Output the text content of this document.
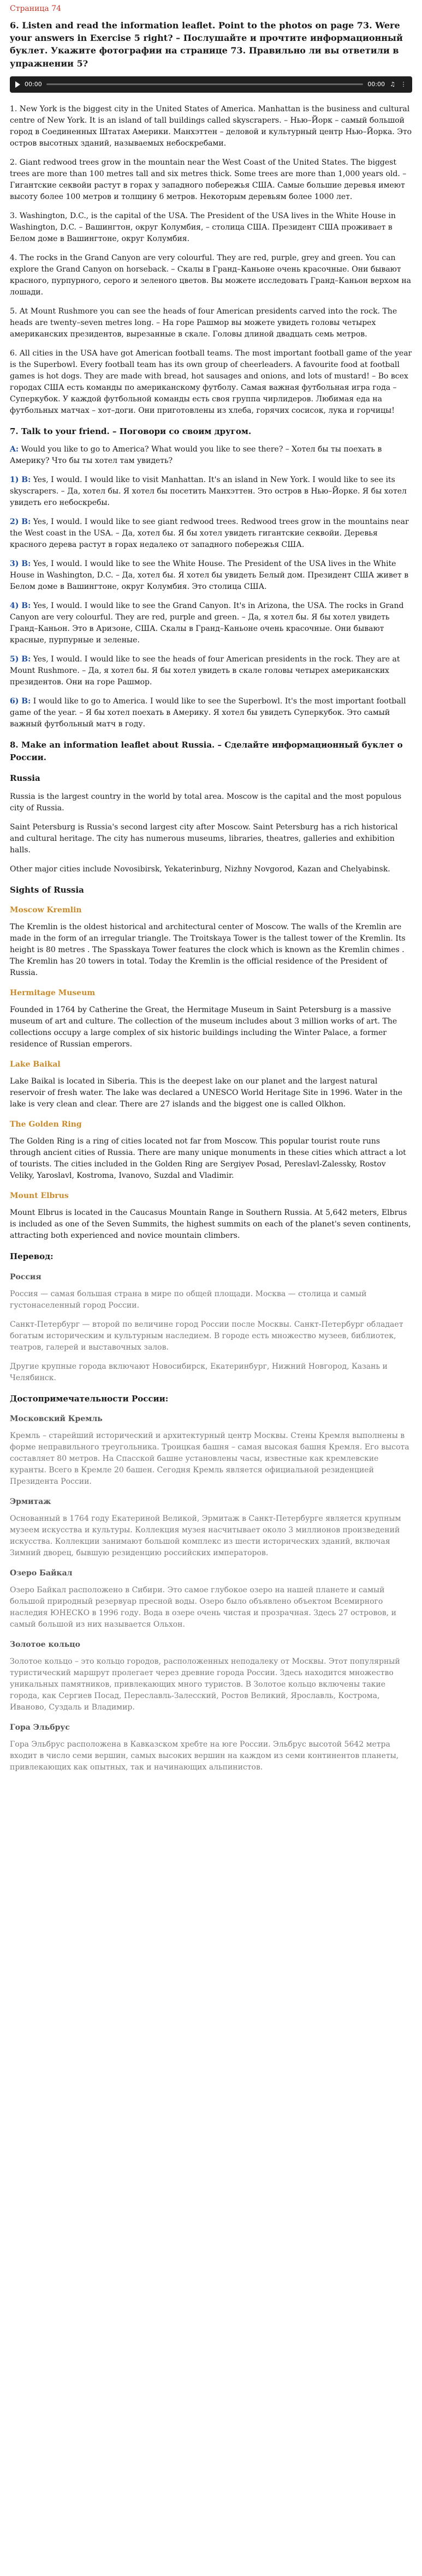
Страница 74
6. Listen and read the information leaflet. Point to the photos on page 73. Were your answers in Exercise 5 right? – Послушайте и прочтите информационный буклет. Укажите фотографии на странице 73. Правильно ли вы ответили в упражнении 5?
00:00	00:00 ♫ ⋮

1. New York is the biggest city in the United States of America. Manhattan is the business and cultural centre of New York. It is an island of tall buildings called skyscrapers. – Нью–Йорк – самый большой город в Соединенных Штатах Америки. Манхэттен – деловой и культурный центр Нью–Йорка. Это остров высотных зданий, называемых небоскребами.

2. Giant redwood trees grow in the mountain near the West Coast of the United States. The biggest trees are more than 100 metres tall and six metres thick. Some trees are more than 1,000 years old. – Гигантские секвойи растут в горах у западного побережья США. Самые большие деревья имеют высоту более 100 метров и толщину 6 метров. Некоторым деревьям более 1000 лет.

3. Washington, D.C., is the capital of the USA. The President of the USA lives in the White House in Washington, D.C. – Вашингтон, округ Колумбия, – столица США. Президент США проживает в Белом доме в Вашингтоне, округ Колумбия.

4. The rocks in the Grand Canyon are very colourful. They are red, purple, grey and green. You can explore the Grand Canyon on horseback. – Скалы в Гранд–Каньоне очень красочные. Они бывают красного, пурпурного, серого и зеленого цветов. Вы можете исследовать Гранд–Каньон верхом на лошади.

5. At Mount Rushmore you can see the heads of four American presidents carved into the rock. The heads are twenty–seven metres long. – На горе Рашмор вы можете увидеть головы четырех американских президентов, вырезанные в скале. Головы длиной двадцать семь метров.

6. All cities in the USA have got American football teams. The most important football game of the year is the Superbowl. Every football team has its own group of cheerleaders. A favourite food at football games is hot dogs. They are made with bread, hot sausages and onions, and lots of mustard! – Во всех городах США есть команды по американскому футболу. Самая важная футбольная игра года – Суперкубок. У каждой футбольной команды есть своя группа чирлидеров. Любимая еда на футбольных матчах – хот–доги. Они приготовлены из хлеба, горячих сосисок, лука и горчицы!

7. Talk to your friend. – Поговори со своим другом.

A: Would you like to go to America? What would you like to see there? – Хотел бы ты поехать в Америку? Что бы ты хотел там увидеть?

1) B: Yes, I would. I would like to visit Manhattan. It's an island in New York. I would like to see its skyscrapers. – Да, хотел бы. Я хотел бы посетить Манхэттен. Это остров в Нью–Йорке. Я бы хотел увидеть его небоскребы.

2) B: Yes, I would. I would like to see giant redwood trees. Redwood trees grow in the mountains near the West coast in the USA. – Да, хотел бы. Я бы хотел увидеть гигантские секвойи. Деревья красного дерева растут в горах недалеко от западного побережья США.

3) B: Yes, I would. I would like to see the White House. The President of the USA lives in the White House in Washington, D.C. – Да, хотел бы. Я хотел бы увидеть Белый дом. Президент США живет в Белом доме в Вашингтоне, округ Колумбия. Это столица США.

4) B: Yes, I would. I would like to see the Grand Canyon. It's in Arizona, the USA. The rocks in Grand Canyon are very colourful. They are red, purple and green. – Да, я хотел бы. Я бы хотел увидеть Гранд–Каньон. Это в Аризоне, США. Скалы в Гранд–Каньоне очень красочные. Они бывают красные, пурпурные и зеленые.

5) B: Yes, I would. I would like to see the heads of four American presidents in the rock. They are at Mount Rushmore. – Да, я хотел бы. Я бы хотел увидеть в скале головы четырех американских президентов. Они на горе Рашмор.

6) B: I would like to go to America. I would like to see the Superbowl. It's the most important football game of the year. – Я бы хотел поехать в Америку. Я хотел бы увидеть Суперкубок. Это самый важный футбольный матч в году.

8. Make an information leaflet about Russia. – Сделайте информационный буклет о России.
Russia

Russia is the largest country in the world by total area. Moscow is the capital and the most populous city of Russia.

Saint Petersburg is Russia's second largest city after Moscow. Saint Petersburg has a rich historical and cultural heritage. The city has numerous museums, libraries, theatres, galleries and exhibition halls.

Other major cities include Novosibirsk, Yekaterinburg, Nizhny Novgorod, Kazan and Chelyabinsk.

Sights of Russia
Moscow Kremlin

The Kremlin is the oldest historical and architectural center of Moscow. The walls of the Kremlin are made in the form of an irregular triangle. The Troitskaya Tower is the tallest tower of the Kremlin. Its height is 80 metres . The Spasskaya Tower features the clock which is known as the Kremlin chimes . The Kremlin has 20 towers in total. Today the Kremlin is the official residence of the President of Russia.

Hermitage Museum

Founded in 1764 by Catherine the Great, the Hermitage Museum in Saint Petersburg is a massive museum of art and culture. The collection of the museum includes about 3 million works of art. The collections occupy a large complex of six historic buildings including the Winter Palace, a former residence of Russian emperors.

Lake Baikal

Lake Baikal is located in Siberia. This is the deepest lake on our planet and the largest natural reservoir of fresh water. The lake was declared a UNESCO World Heritage Site in 1996. Water in the lake is very clean and clear. There are 27 islands and the biggest one is called Olkhon.

The Golden Ring

The Golden Ring is a ring of cities located not far from Moscow. This popular tourist route runs through ancient cities of Russia. There are many unique monuments in these cities which attract a lot of tourists. The cities included in the Golden Ring are Sergiyev Posad, Pereslavl-Zalessky, Rostov Veliky, Yaroslavl, Kostroma, Ivanovo, Suzdal and Vladimir.

Mount Elbrus

Mount Elbrus is located in the Caucasus Mountain Range in Southern Russia. At 5,642 meters, Elbrus is included as one of the Seven Summits, the highest summits on each of the planet's seven continents, attracting both experienced and novice mountain climbers.

Перевод:
Россия

Россия — самая большая страна в мире по общей площади. Москва — столица и самый густонаселенный город России.

Санкт-Петербург — второй по величине город России после Москвы. Санкт-Петербург обладает богатым историческим и культурным наследием. В городе есть множество музеев, библиотек, театров, галерей и выставочных залов.

Другие крупные города включают Новосибирск, Екатеринбург, Нижний Новгород, Казань и Челябинск.

Достопримечательности России:
Московский Кремль

Кремль – старейший исторический и архитектурный центр Москвы. Стены Кремля выполнены в форме неправильного треугольника. Троицкая башня – самая высокая башня Кремля. Его высота составляет 80 метров. На Спасской башне установлены часы, известные как кремлевские куранты. Всего в Кремле 20 башен. Сегодня Кремль является официальной резиденцией Президента России.

Эрмитаж

Основанный в 1764 году Екатериной Великой, Эрмитаж в Санкт-Петербурге является крупным музеем искусства и культуры. Коллекция музея насчитывает около 3 миллионов произведений искусства. Коллекции занимают большой комплекс из шести исторических зданий, включая Зимний дворец, бывшую резиденцию российских императоров.

Озеро Байкал

Озеро Байкал расположено в Сибири. Это самое глубокое озеро на нашей планете и самый большой природный резервуар пресной воды. Озеро было объявлено объектом Всемирного наследия ЮНЕСКО в 1996 году. Вода в озере очень чистая и прозрачная. Здесь 27 островов, и самый большой из них называется Ольхон.

Золотое кольцо

Золотое кольцо – это кольцо городов, расположенных неподалеку от Москвы. Этот популярный туристический маршрут пролегает через древние города России. Здесь находится множество уникальных памятников, привлекающих много туристов. В Золотое кольцо включены такие города, как Сергиев Посад, Переславль-Залесский, Ростов Великий, Ярославль, Кострома, Иваново, Суздаль и Владимир.

Гора Эльбрус

Гора Эльбрус расположена в Кавказском хребте на юге России. Эльбрус высотой 5642 метра входит в число семи вершин, самых высоких вершин на каждом из семи континентов планеты, привлекающих как опытных, так и начинающих альпинистов.
